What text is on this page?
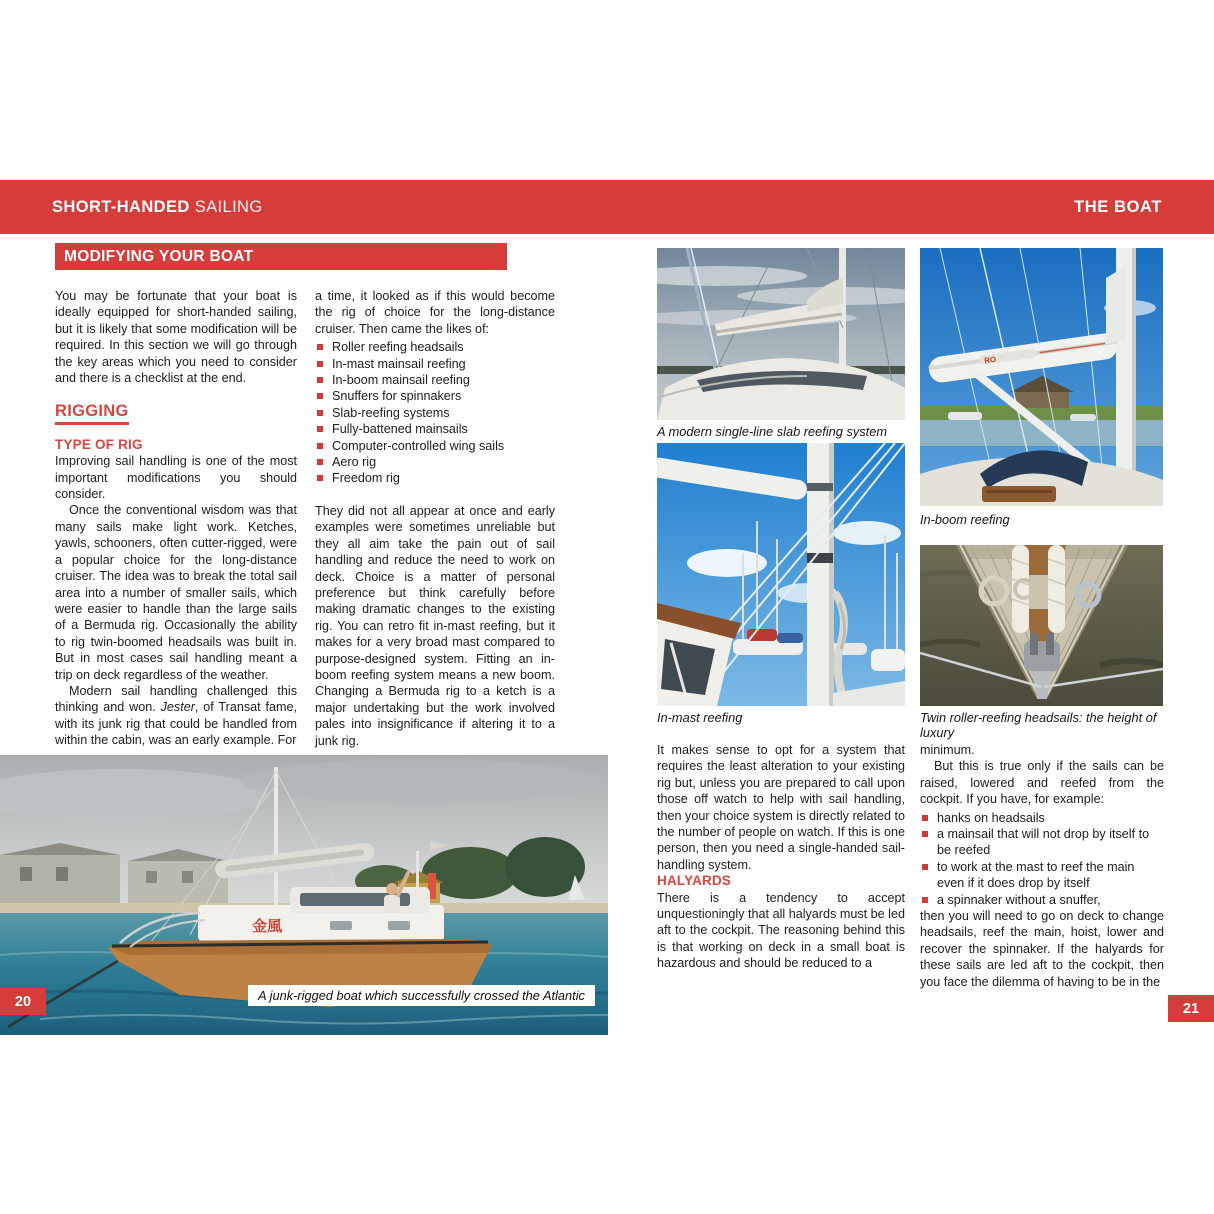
SHORT-HANDED SAILING	THE BOAT
MODIFYING YOUR BOAT

You may be fortunate that your boat is ideally equipped for short-handed sailing, but it is likely that some modification will be required. In this section we will go through the key areas which you need to consider and there is a checklist at the end.

RIGGING

TYPE OF RIG

Improving sail handling is one of the most important modifications you should consider.

Once the conventional wisdom was that many sails make light work. Ketches, yawls, schooners, often cutter-rigged, were a popular choice for the long-distance cruiser. The idea was to break the total sail area into a number of smaller sails, which were easier to handle than the large sails of a Bermuda rig. Occasionally the ability to rig twin-boomed headsails was built in. But in most cases sail handling meant a trip on deck regardless of the weather.

Modern sail handling challenged this thinking and won. Jester, of Transat fame, with its junk rig that could be handled from within the cabin, was an early example. For

a time, it looked as if this would become the rig of choice for the long-distance cruiser. Then came the likes of:

Roller reefing headsails
In-mast mainsail reefing
In-boom mainsail reefing
Snuffers for spinnakers
Slab-reefing systems
Fully-battened mainsails
Computer-controlled wing sails
Aero rig
Freedom rig

They did not all appear at once and early examples were sometimes unreliable but they all aim take the pain out of sail handling and reduce the need to work on deck. Choice is a matter of personal preference but think carefully before making dramatic changes to the existing rig. You can retro fit in-mast reefing, but it makes for a very broad mast compared to purpose-designed system. Fitting an in-boom reefing system means a new boom. Changing a Bermuda rig to a ketch is a major undertaking but the work involved pales into insignificance if altering it to a junk rig.

金風
A junk-rigged boat which successfully crossed the Atlantic
20
A modern single-line slab reefing system
RO
In-boom reefing
In-mast reefing	Twin roller-reefing headsails: the height of luxury

It makes sense to opt for a system that requires the least alteration to your existing rig but, unless you are prepared to call upon those off watch to help with sail handling, then your choice system is directly related to the number of people on watch. If this is one person, then you need a single-handed sail-handling system.

HALYARDS

There is a tendency to accept unquestioningly that all halyards must be led aft to the cockpit. The reasoning behind this is that working on deck in a small boat is hazardous and should be reduced to a

minimum.

But this is true only if the sails can be raised, lowered and reefed from the cockpit. If you have, for example:

hanks on headsails
a mainsail that will not drop by itself to be reefed
to work at the mast to reef the main even if it does drop by itself
a spinnaker without a snuffer,

then you will need to go on deck to change headsails, reef the main, hoist, lower and recover the spinnaker. If the halyards for these sails are led aft to the cockpit, then you face the dilemma of having to be in the

21
